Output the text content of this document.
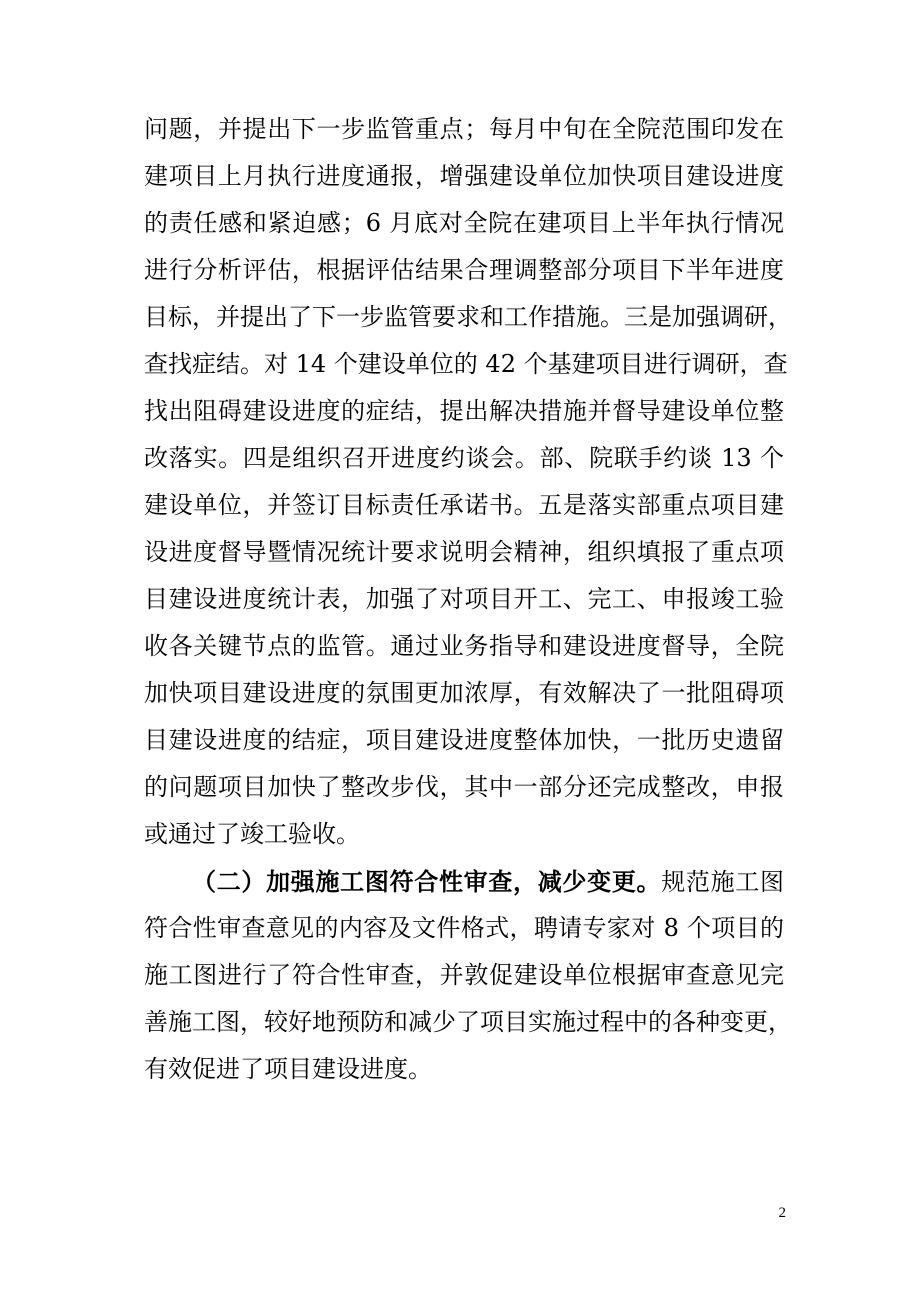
问题，并提出下一步监管重点；每月中旬在全院范围印发在
建项目上月执行进度通报，增强建设单位加快项目建设进度
的责任感和紧迫感；6 月底对全院在建项目上半年执行情况
进行分析评估，根据评估结果合理调整部分项目下半年进度
目标，并提出了下一步监管要求和工作措施。三是加强调研，
查找症结。对 14 个建设单位的 42 个基建项目进行调研，查
找出阻碍建设进度的症结，提出解决措施并督导建设单位整
改落实。四是组织召开进度约谈会。部、院联手约谈 13 个
建设单位，并签订目标责任承诺书。五是落实部重点项目建
设进度督导暨情况统计要求说明会精神，组织填报了重点项
目建设进度统计表，加强了对项目开工、完工、申报竣工验
收各关键节点的监管。通过业务指导和建设进度督导，全院
加快项目建设进度的氛围更加浓厚，有效解决了一批阻碍项
目建设进度的结症，项目建设进度整体加快，一批历史遗留
的问题项目加快了整改步伐，其中一部分还完成整改，申报
或通过了竣工验收。
（二）加强施工图符合性审查，减少变更。规范施工图
符合性审查意见的内容及文件格式，聘请专家对 8 个项目的
施工图进行了符合性审查，并敦促建设单位根据审查意见完
善施工图，较好地预防和减少了项目实施过程中的各种变更，
有效促进了项目建设进度。
2
